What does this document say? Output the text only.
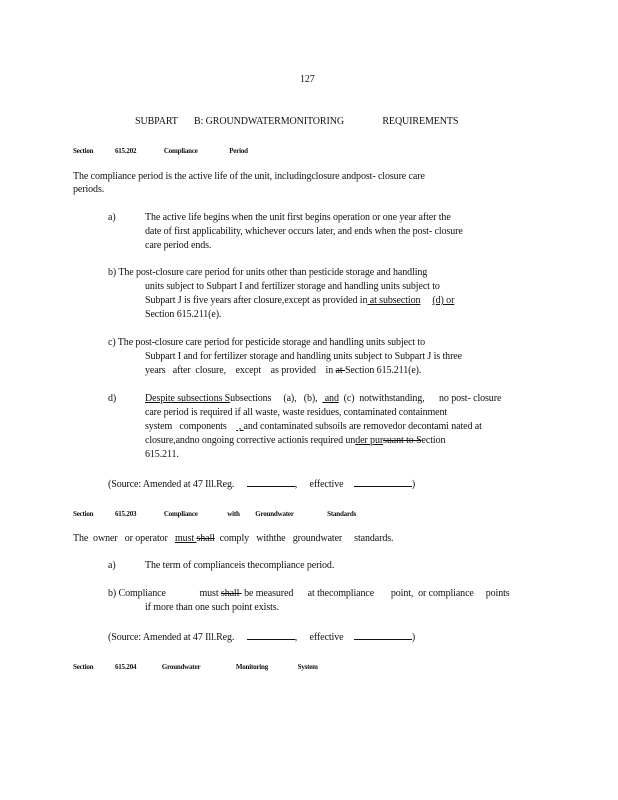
127
SUBPART B: GROUNDWATERMONITORING	REQUIREMENTS
Section	615.202	Compliance	Period
The compliance period is the active life of the unit, includingclosure andpost- closure care
periods.
a)	The active life begins when the unit first begins operation or one year after the
date of first applicability, whichever occurs later, and ends when the post- closure
care period ends.
b) The post-closure care period for units other than pesticide storage and handling
units subject to Subpart I and fertilizer storage and handling units subject to
Subpart J is five years after closure,except as provided in at subsection (d) or
Section 615.211(e).
c) The post-closure care period for pesticide storage and handling units subject to
Subpart I and for fertilizer storage and handling units subject to Subpart J is three
years   after  closure,    except    as provided    in at Section 615.211(e).
d)	Despite subsections Subsections     (a),   (b),   and  (c)  notwithstanding,      no post- closure
care period is required if all waste, waste residues, contaminated containment
system   components     , and contaminated subsoils are removedor decontami nated at
closure,andno ongoing corrective actionis required under pursuant to Section
615.211.
(Source: Amended at 47 Ill.Reg.	, effective	)
Section	615.203	Compliance	with Groundwater	Standards
The  owner   or operator   must shall  comply   withthe   groundwater     standards.
a)	The term of complianceis thecompliance period.
b) Compliance              must shall  be measured      at thecompliance       point,  or compliance     points
if more than one such point exists.
(Source: Amended at 47 Ill.Reg.	, effective	)
Section	615.204	Groundwater	Monitoring	System
